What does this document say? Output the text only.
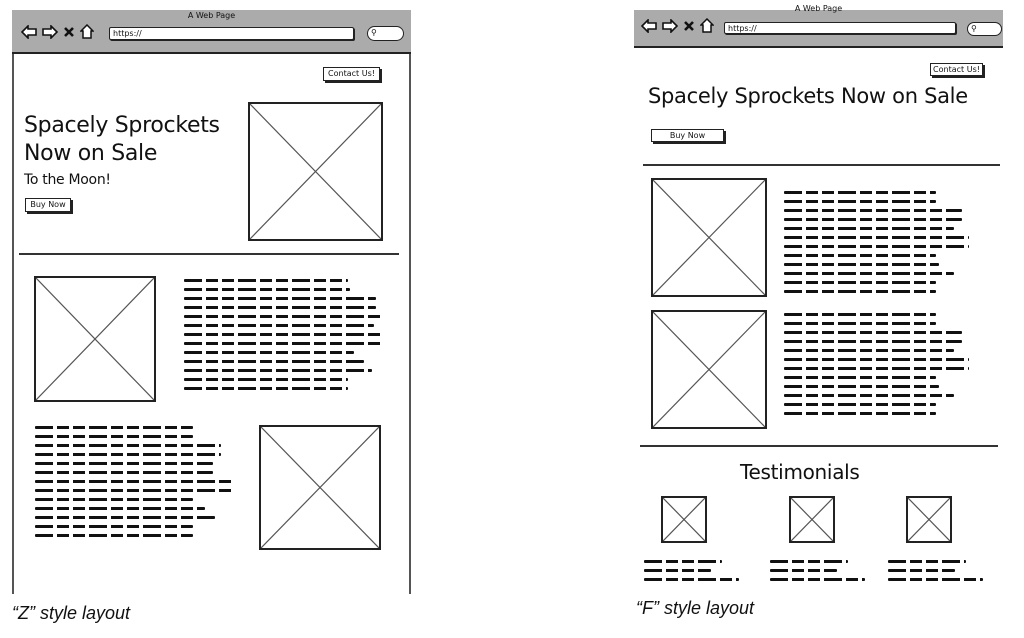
A Web Page
https://	⚲
Contact Us!
Spacely Sprockets
Now on Sale
To the Moon!
Buy Now
“Z” style layout
A Web Page
https://	⚲
Contact Us!
Spacely Sprockets Now on Sale
Buy Now
Testimonials
“F” style layout
